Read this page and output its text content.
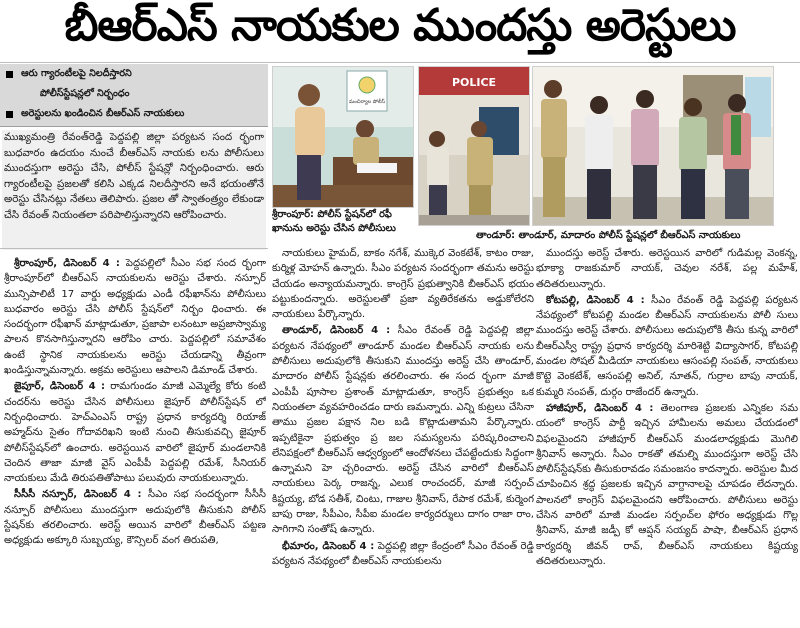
బీఆర్ఎస్ నాయకుల ముందస్తు అరెస్టులు
ఆరు గ్యారంటీలపై నిలదీస్తారని
పోలీస్‌స్టేషన్లలో నిర్బంధం
అరెస్టులను ఖండించిన బీఆర్ఎస్ నాయకులు

ముఖ్యమంత్రి రేవంత్‌రెడ్డి పెద్దపల్లి జిల్లా పర్యటన సంద ర్భంగా బుధవారం ఉదయం నుంచే బీఆర్ఎస్ నాయకు లను పోలీసులు ముందస్తుగా అరెస్టు చేసి, పోలీస్ స్టేషన్లో నిర్బంధించారు. ఆరు గ్యారంటీలపై ప్రజలతో కలిసి ఎక్కడ నిలదీస్తారని అనే భయంతోనే అరెస్టు చేసినట్లు నేతలు తెలిపారు. ప్రజల తో స్వాతంత్ర్యం లేకుండా చేసి రేవంత్ నియంతలా పరిపాలిస్తున్నారని ఆరోపించారు.

మంచిర్యాల పోలీస్
POLICE
శ్రీరాంపూర్: పోలీస్ స్టేషన్‌లో రఫీ ఖానును అరెస్టు చేసిన పోలీసులు
తాండూర్: తాండూర్, మాదారం పోలీస్ స్టేషన్లలో బీఆర్ఎస్ నాయకులు

శ్రీరాంపూర్, డిసెంబర్ 4 : పెద్దపల్లిలో సీఎం సభ సంద ర్భంగా శ్రీరాంపూర్‌లో బీఆర్ఎస్ నాయకులను అరెస్టు చేశారు. నస్పూర్ మున్సిపాలిటీ 17 వార్డు అధ్యక్షుడు ఎండీ రఫీఖాన్‌ను పోలీసులు బుధవారం అరెస్టు చేసి పోలీస్ స్టేషన్‌లో నిర్బం ధించారు. ఈ సందర్భంగా రఫీఖాన్ మాట్లాడుతూ, ప్రజాపా లనంటూ అప్రజాస్వామ్య పాలన కొనసాగిస్తున్నారని ఆరోపిం చారు. పెద్దపల్లిలో సమావేశం ఉంటే స్థానిక నాయకులను అరెస్టు చేయడాన్ని తీవ్రంగా ఖండిస్తున్నామన్నారు. అక్రమ అరెస్టులు ఆపాలని డిమాండ్ చేశారు.

జైపూర్, డిసెంబర్ 4 : రామగుండం మాజీ ఎమ్మెల్యే కోరు కంటి చందర్‌ను అరెస్టు చేసిన పోలీసులు జైపూర్ పోలీస్‌స్టేషన్ లో నిర్బంధించారు. హెచ్ఎంఎస్ రాష్ట్ర ప్రధాన కార్యదర్శి రియాజ్ అహ్మద్‌ను సైతం గోదావరిఖని ఇంటి నుంచి తీసుకువచ్చి జైపూర్ పోలీస్‌స్టేషన్‌లో ఉంచారు. అరెస్టయిన వారిలో జైపూర్ మండలానికి చెందిన తాజా మాజీ వైస్ ఎంపీపీ పెద్దపల్లి రమేశ్, సీనియర్ నాయకులు మేడి తిరుపతితోపాటు పలువురు నాయకులున్నారు.

సీసీసీ నస్పూర్, డిసెంబర్ 4 : సీఎం సభ సందర్భంగా సీసీసీ నస్పూర్ పోలీసులు ముందస్తుగా అదుపులోకి తీసుకుని పోలీస్ స్టేషన్‌కు తరలించారు. అరెస్ట్ అయిన వారిలో బీఆర్ఎస్ పట్టణ అధ్యక్షుడు అక్కూరి సుబ్బయ్య, కౌన్సిలర్ వంగ తిరుపతి,

నాయకులు హైమద్, బాకం నగేశ్, ముక్కెర వెంకటేశ్, కాటం రాజు, కుర్మిళ్ల మోహన్ ఉన్నారు. సీఎం పర్యటన సందర్భంగా తమను అరెస్టు చేయడం అన్యాయమన్నారు. కాంగ్రెస్ ప్రభుత్వానికి బీఆర్ఎస్ భయం పట్టుకుందన్నారు. అరెస్టులతో ప్రజా వ్యతిరేకతను అడ్డుకోలేరని నాయకులు పేర్కొన్నారు.

తాండూర్, డిసెంబర్ 4 : సీఎం రేవంత్ రెడ్డి పెద్దపల్లి జిల్లా పర్యటన నేపథ్యంలో తాండూర్ మండల బీఆర్ఎస్ నాయకు లను పోలీసులు అదుపులోకి తీసుకుని ముందస్తు అరెస్ట్ చేసి తాండూర్, మాదారం పోలీస్ స్టేషన్లకు తరలించారు. ఈ సంద ర్భంగా మాజీ ఎంపీపీ పూసాల ప్రశాంత్ మాట్లాడుతూ, కాంగ్రెస్ ప్రభుత్వం ఒక నియంతలా వ్యవహరించడం దారు ణమన్నారు. ఎన్ని కుట్రలు చేసినా తాము ప్రజల పక్షాన నిల బడి కొట్లాడుతామని పేర్కొన్నారు. ఇప్పటికైనా ప్రభుత్వం ప్ర జల సమస్యలను పరిష్కరించాలని లేనిపక్షంలో బీఆర్ఎస్ ఆధ్వర్యంలో ఆందోళనలు చేపట్టేందుకు సిద్ధంగా ఉన్నామని హె చ్చరించారు. అరెస్ట్ చేసిన వారిలో బీఆర్ఎస్ నాయకులు పెర్క రాజన్న, ఎలుక రాంచందర్, మాజీ సర్పంచ్ కిష్టయ్య, బోడ సతీశ్, చింటు, గాజుల శ్రీనివాస్, రేపాక రమేశ్, కుర్మెంగ బాపు రాజు, సీపీఎం, సీపీఐ మండల కార్యదర్శులు దాగం రాజా రాం, సాగిగాని సంతోష్ ఉన్నారు.

భీమారం, డిసెంబర్ 4 : పెద్దపల్లి జిల్లా కేంద్రంలో సీఎం రేవంత్ రెడ్డి పర్యటన నేపథ్యంలో బీఆర్ఎస్ నాయకులను

ముందస్తు అరెస్ట్ చేశారు. అరెస్టయిన వారిలో గుడిమల్ల వెంకన్న, భూక్యా రాజకుమార్ నాయక్, చెవుల నరేశ్, పల్ల మహేశ్, తదితరులున్నారు.

కోటపల్లి, డిసెంబర్ 4 : సీఎం రేవంత్ రెడ్డి పెద్దపల్లి పర్యటన నేపథ్యంలో కోటపల్లి మండల బీఆర్ఎస్ నాయకులను పోలీ సులు ముందస్తు అరెస్ట్ చేశారు. పోలీసులు అదుపులోకి తీసు కున్న వారిలో బీఆర్ఎస్వీ రాష్ట్ర ప్రధాన కార్యదర్శి మారిశెట్టి విద్యాసాగర్, కోటపల్లి మండల సోషల్ మీడియా నాయకులు ఆసంపల్లి సంపత్, నాయకులు కొట్టె వెంకటేశ్, ఆసంపల్లి అనిల్, నూతన్, గుర్రాల బాపు నాయక్, కుమ్మరి సంపత్, దుర్గం రాజేందర్ ఉన్నారు.

హాజీపూర్, డిసెంబర్ 4 : తెలంగాణ ప్రజలకు ఎన్నికల సమ యంలో కాంగ్రెస్ పార్టీ ఇచ్చిన హామీలను అమలు చేయడంలో విఫలమైందని హాజీపూర్ బీఆర్ఎస్ మండలాధ్యక్షుడు మొగిలి శ్రీనివాస్ అన్నారు. సీఎం రాకతో తమల్ని ముందస్తుగా అరెస్ట్ చేసి పోలీస్‌స్టేషన్‌కు తీసుకురావడం సమంజసం కాదన్నారు. అరెస్టుల మీద చూపించిన శ్రద్ధ ప్రజలకు ఇచ్చిన వాగ్దానాలపై చూపడం లేదన్నారు. పాలనలో కాంగ్రెస్ విఫలమైందని ఆరోపించారు. పోలీసులు అరెస్టు చేసిన వారిలో మాజీ మండల సర్పంచ్‌ల ఫోరం అధ్యక్షుడు గొల్ల శ్రీనివాస్, మాజీ జడ్పీ కో ఆప్షన్ సయ్యద్ పాషా, బీఆర్ఎస్ ప్రధాన కార్యదర్శి జీవన్ రావ్, బీఆర్ఎస్ నాయకులు కిష్టయ్య తదితరులున్నారు.
